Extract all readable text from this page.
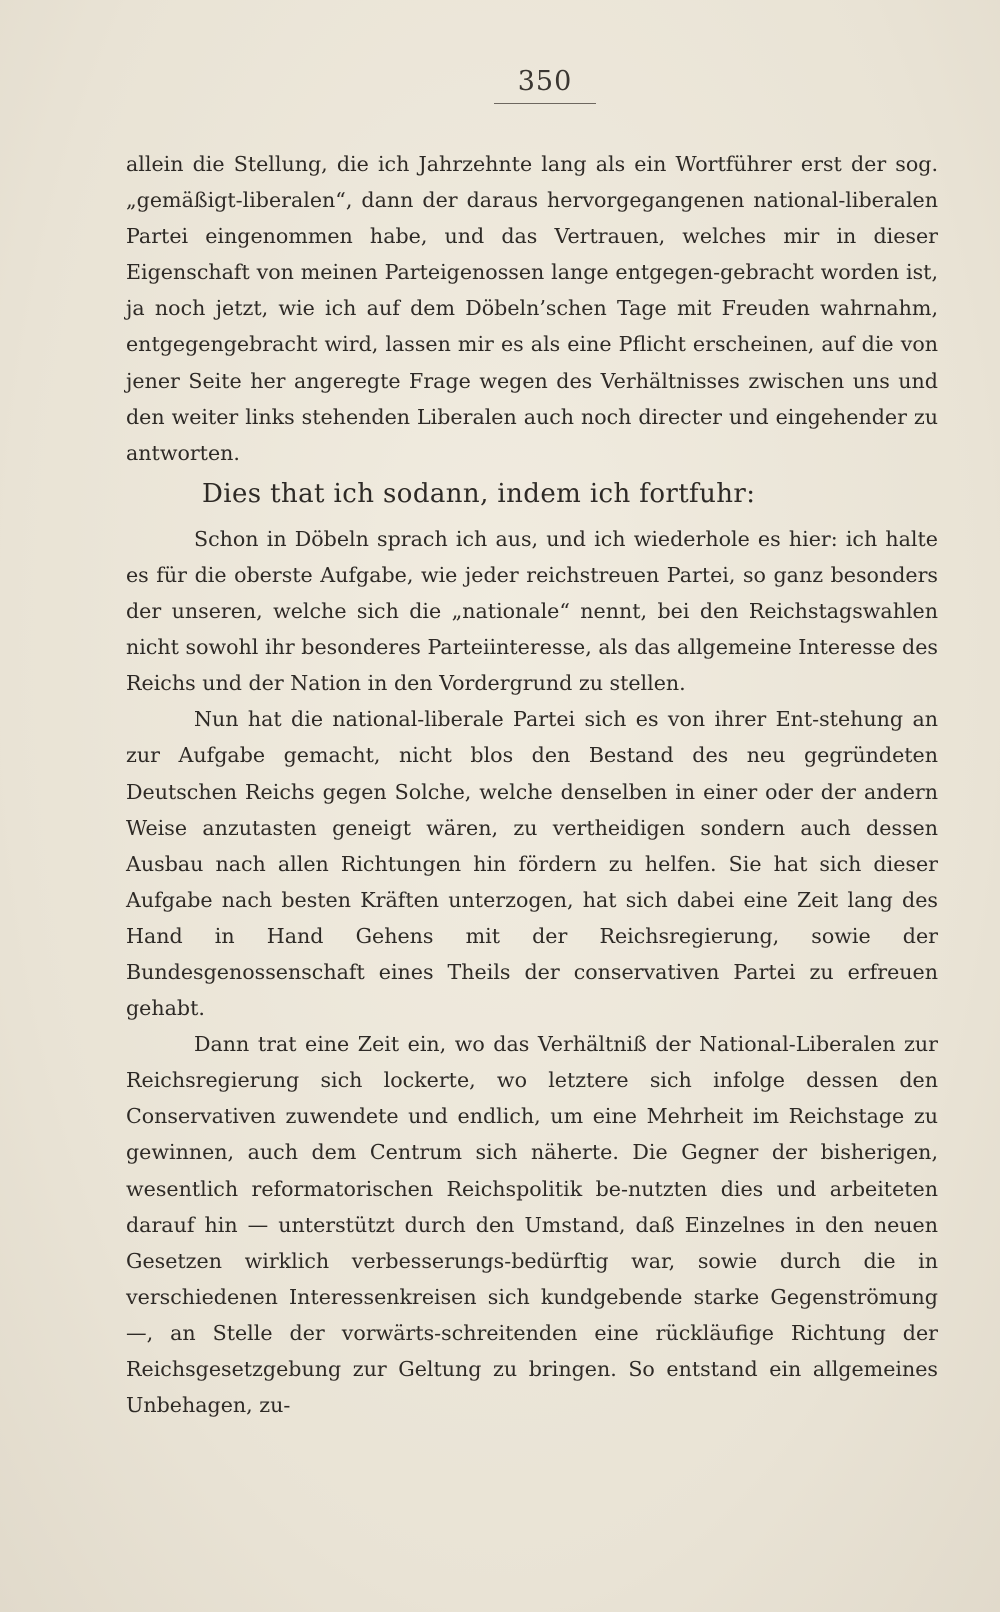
350

allein die Stellung, die ich Jahrzehnte lang als ein Wortführer erst der sog. „gemäßigt-liberalen“, dann der daraus hervorgegangenen national-liberalen Partei eingenommen habe, und das Vertrauen, welches mir in dieser Eigenschaft von meinen Parteigenossen lange entgegen-gebracht worden ist, ja noch jetzt, wie ich auf dem Döbeln’schen Tage mit Freuden wahrnahm, entgegengebracht wird, lassen mir es als eine Pflicht erscheinen, auf die von jener Seite her angeregte Frage wegen des Verhältnisses zwischen uns und den weiter links stehenden Liberalen auch noch directer und eingehender zu antworten.

Dies that ich sodann, indem ich fortfuhr:

Schon in Döbeln sprach ich aus, und ich wiederhole es hier: ich halte es für die oberste Aufgabe, wie jeder reichstreuen Partei, so ganz besonders der unseren, welche sich die „nationale“ nennt, bei den Reichstagswahlen nicht sowohl ihr besonderes Parteiinteresse, als das allgemeine Interesse des Reichs und der Nation in den Vordergrund zu stellen.

Nun hat die national-liberale Partei sich es von ihrer Ent-stehung an zur Aufgabe gemacht, nicht blos den Bestand des neu gegründeten Deutschen Reichs gegen Solche, welche denselben in einer oder der andern Weise anzutasten geneigt wären, zu vertheidigen sondern auch dessen Ausbau nach allen Richtungen hin fördern zu helfen. Sie hat sich dieser Aufgabe nach besten Kräften unterzogen, hat sich dabei eine Zeit lang des Hand in Hand Gehens mit der Reichsregierung, sowie der Bundesgenossenschaft eines Theils der conservativen Partei zu erfreuen gehabt.

Dann trat eine Zeit ein, wo das Verhältniß der National-Liberalen zur Reichsregierung sich lockerte, wo letztere sich infolge dessen den Conservativen zuwendete und endlich, um eine Mehrheit im Reichstage zu gewinnen, auch dem Centrum sich näherte. Die Gegner der bisherigen, wesentlich reformatorischen Reichspolitik be-nutzten dies und arbeiteten darauf hin — unterstützt durch den Umstand, daß Einzelnes in den neuen Gesetzen wirklich verbesserungs-bedürftig war, sowie durch die in verschiedenen Interessenkreisen sich kundgebende starke Gegenströmung —, an Stelle der vorwärts-schreitenden eine rückläufige Richtung der Reichsgesetzgebung zur Geltung zu bringen. So entstand ein allgemeines Unbehagen, zu-
